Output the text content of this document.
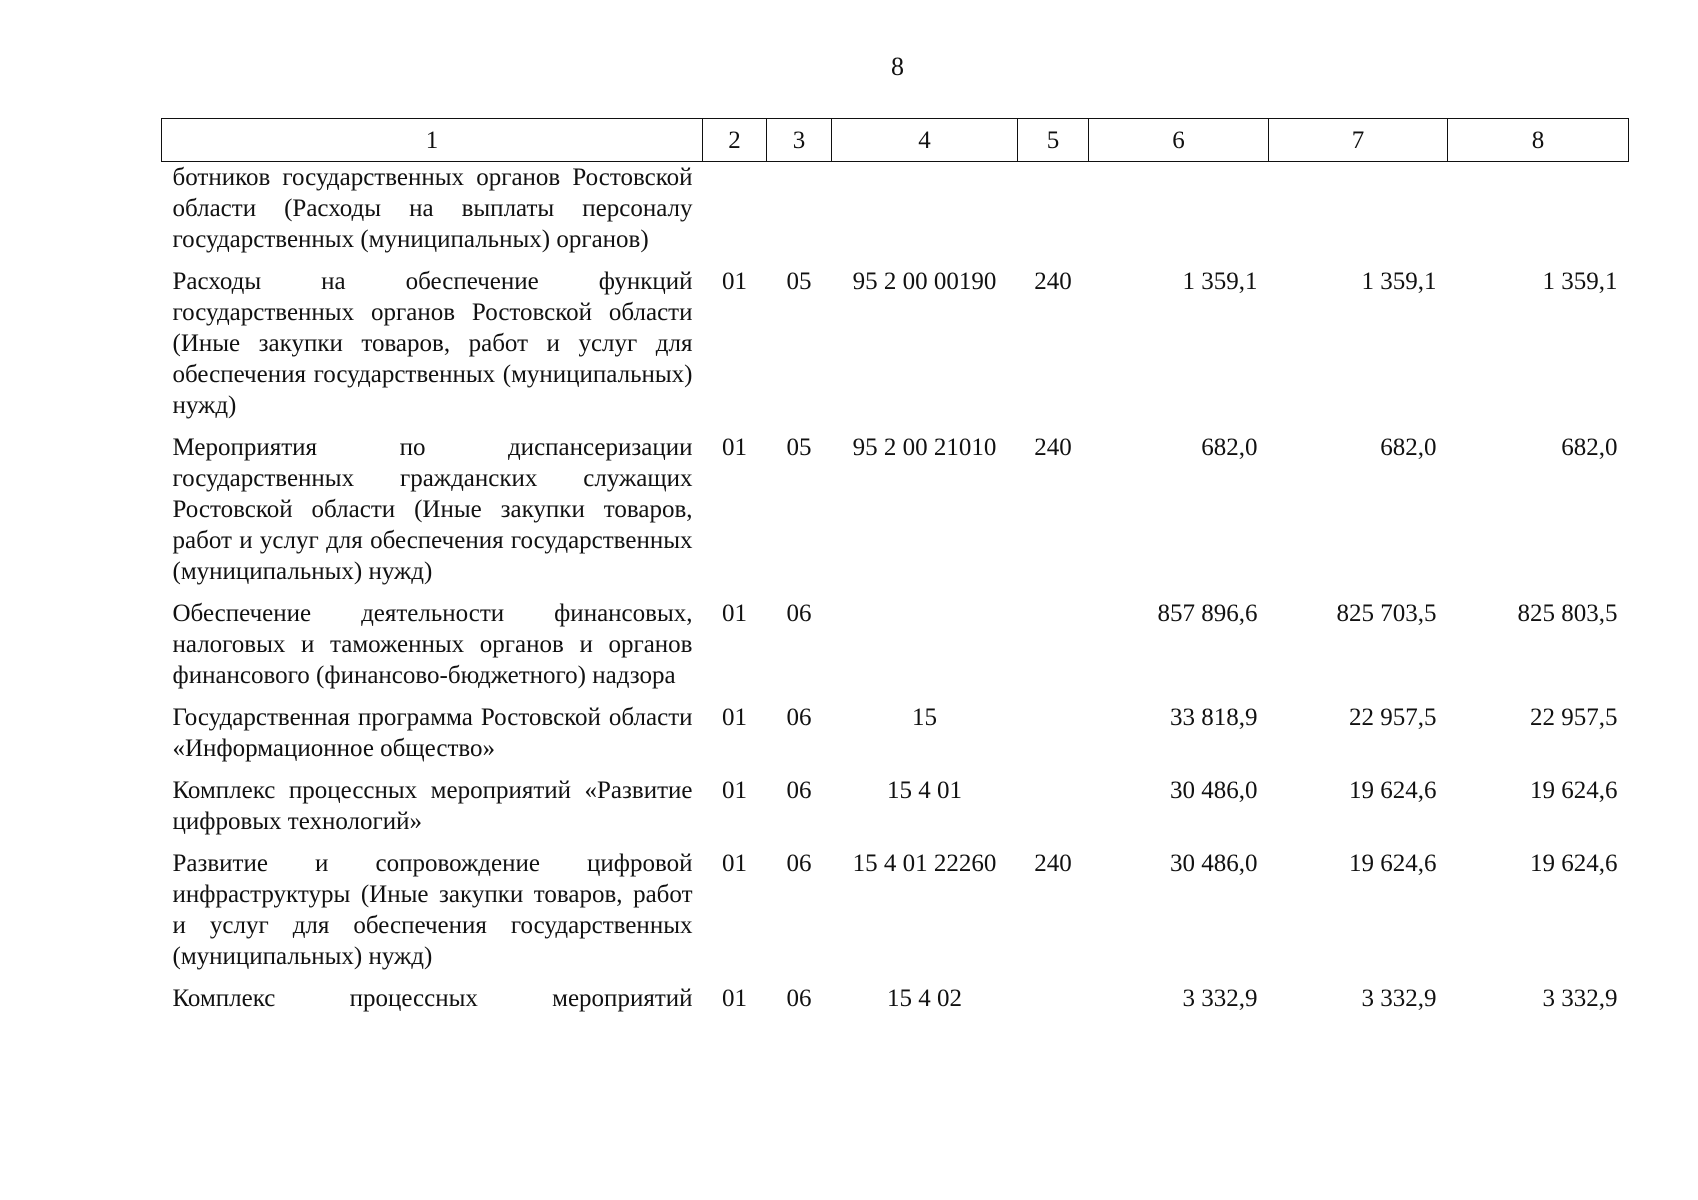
8
1	2	3	4	5	6	7	8
ботников государственных органов Ростовской области (Расходы на выплаты персоналу государственных (муниципальных) органов)							
Расходы на обеспечение функций государственных органов Ростовской области (Иные закупки товаров, работ и услуг для обеспечения государственных (муниципальных) нужд)	01	05	95 2 00 00190	240	1 359,1	1 359,1	1 359,1
Мероприятия по диспансеризации государственных гражданских служащих Ростовской области (Иные закупки товаров, работ и услуг для обеспечения государственных (муниципальных) нужд)	01	05	95 2 00 21010	240	682,0	682,0	682,0
Обеспечение деятельности финансовых, налоговых и таможенных органов и органов финансового (финансово-бюджетного) надзора	01	06			857 896,6	825 703,5	825 803,5
Государственная программа Ростовской области «Информационное общество»	01	06	15		33 818,9	22 957,5	22 957,5
Комплекс процессных мероприятий «Развитие цифровых технологий»	01	06	15 4 01		30 486,0	19 624,6	19 624,6
Развитие и сопровождение цифровой инфраструктуры (Иные закупки товаров, работ и услуг для обеспечения государственных (муниципальных) нужд)	01	06	15 4 01 22260	240	30 486,0	19 624,6	19 624,6
Комплекс процессных мероприятий	01	06	15 4 02		3 332,9	3 332,9	3 332,9
